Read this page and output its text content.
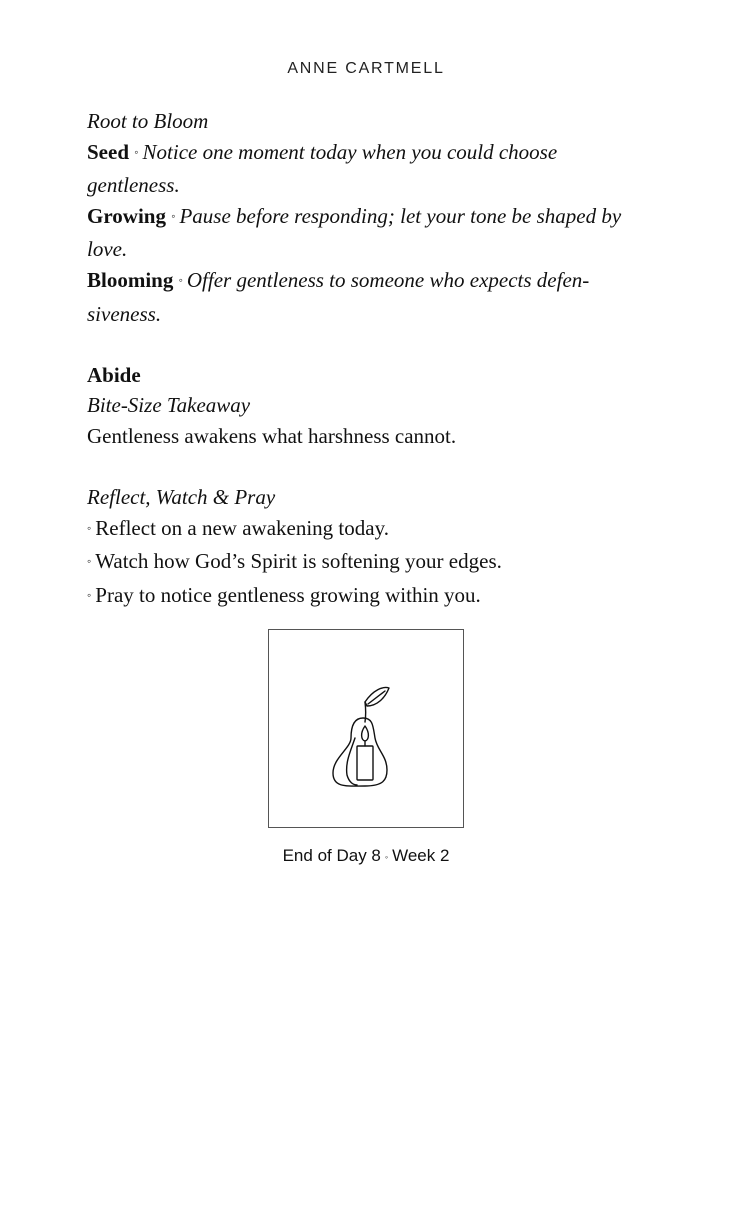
ANNE CARTMELL
Root to Bloom
Seed ◦ Notice one moment today when you could choose gentleness.
Growing ◦ Pause before responding; let your tone be shaped by love.
Blooming ◦ Offer gentleness to someone who expects defen-siveness.
Abide
Bite-Size Takeaway
Gentleness awakens what harshness cannot.
Reflect, Watch & Pray
◦ Reflect on a new awakening today.
◦ Watch how God’s Spirit is softening your edges.
◦ Pray to notice gentleness growing within you.
End of Day 8 ◦ Week 2
